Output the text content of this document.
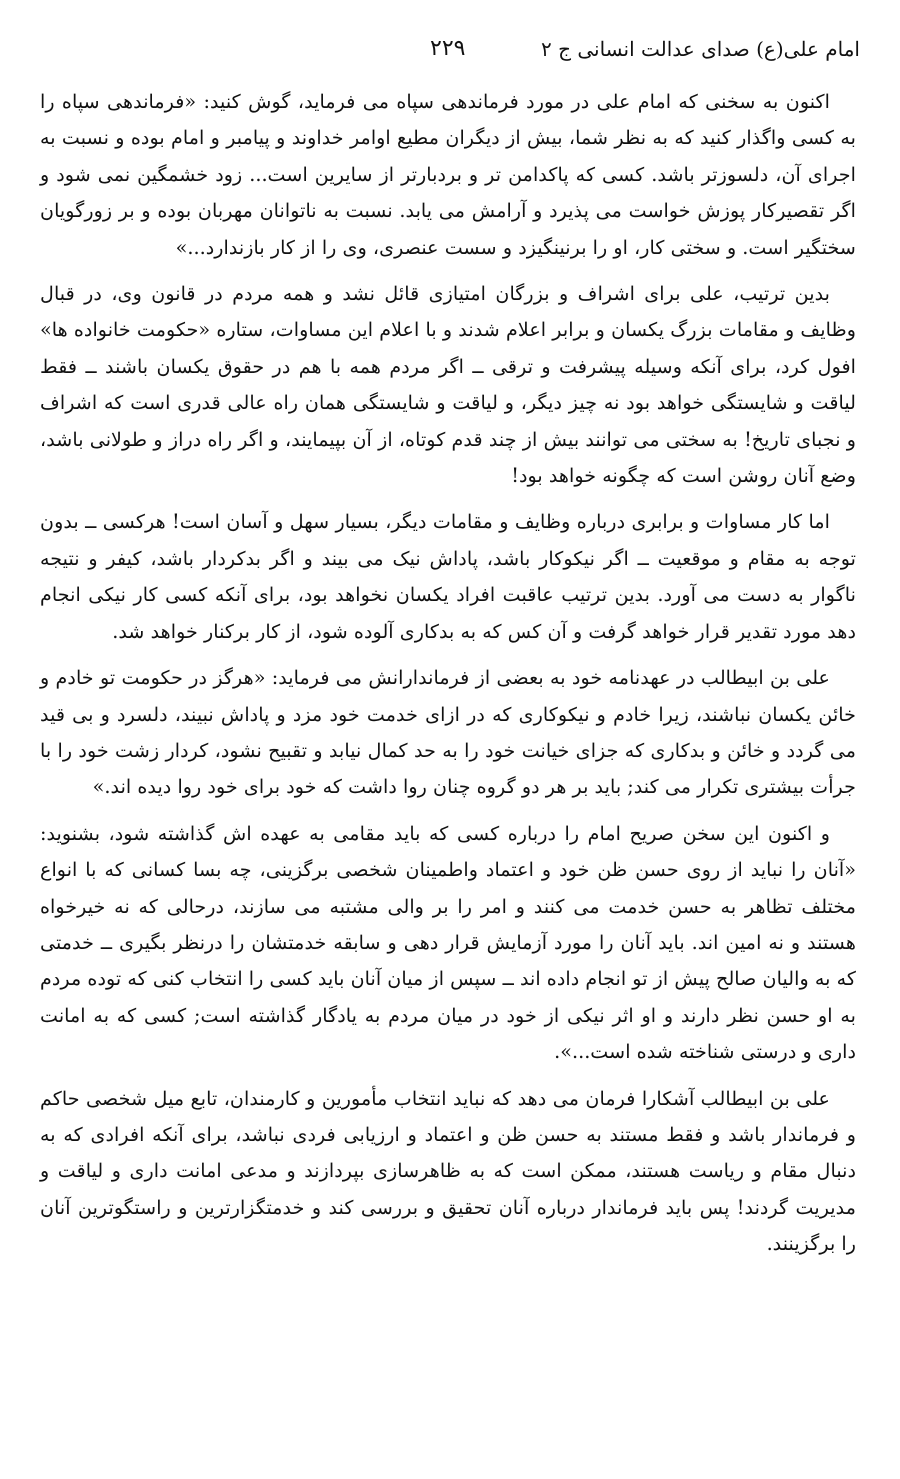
امام علی(ع) صدای عدالت انسانی ج ۲
۲۲۹

اکنون به سخنی که امام علی در مورد فرماندهی سپاه می فرماید، گوش کنید: «فرماندهی سپاه را به کسی واگذار کنید که به نظر شما، بیش از دیگران مطیع اوامر خداوند و پیامبر و امام بوده و نسبت به اجرای آن، دلسوزتر باشد. کسی که پاکدامن تر و بردبارتر از سایرین است... زود خشمگین نمی شود و اگر تقصیرکار پوزش خواست می پذیرد و آرامش می یابد. نسبت به ناتوانان مهربان بوده و بر زورگویان سختگیر است. و سختی کار، او را برنینگیزد و سست عنصری، وی را از کار بازندارد...»

بدین ترتیب، علی برای اشراف و بزرگان امتیازی قائل نشد و همه مردم در قانون وی، در قبال وظایف و مقامات بزرگ یکسان و برابر اعلام شدند و با اعلام این مساوات، ستاره «حکومت خانواده ها» افول کرد، برای آنکه وسیله پیشرفت و ترقی ــ اگر مردم همه با هم در حقوق یکسان باشند ــ فقط لیاقت و شایستگی خواهد بود نه چیز دیگر، و لیاقت و شایستگی همان راه عالی قدری است که اشراف و نجبای تاریخ! به سختی می توانند بیش از چند قدم کوتاه، از آن بپیمایند، و اگر راه دراز و طولانی باشد، وضع آنان روشن است که چگونه خواهد بود!

اما کار مساوات و برابری درباره وظایف و مقامات دیگر، بسیار سهل و آسان است! هرکسی ــ بدون توجه به مقام و موقعیت ــ اگر نیکوکار باشد، پاداش نیک می بیند و اگر بدکردار باشد، کیفر و نتیجه ناگوار به دست می آورد. بدین ترتیب عاقبت افراد یکسان نخواهد بود، برای آنکه کسی کار نیکی انجام دهد مورد تقدیر قرار خواهد گرفت و آن کس که به بدکاری آلوده شود، از کار برکنار خواهد شد.

علی بن ابیطالب در عهدنامه خود به بعضی از فرماندارانش می فرماید: «هرگز در حکومت تو خادم و خائن یکسان نباشند، زیرا خادم و نیکوکاری که در ازای خدمت خود مزد و پاداش نبیند، دلسرد و بی قید می گردد و خائن و بدکاری که جزای خیانت خود را به حد کمال نیابد و تقبیح نشود، کردار زشت خود را با جرأت بیشتری تکرار می کند; باید بر هر دو گروه چنان روا داشت که خود برای خود روا دیده اند.»

و اکنون این سخن صریح امام را درباره کسی که باید مقامی به عهده اش گذاشته شود، بشنوید: «آنان را نباید از روی حسن ظن خود و اعتماد واطمینان شخصی برگزینی، چه بسا کسانی که با انواع مختلف تظاهر به حسن خدمت می کنند و امر را بر والی مشتبه می سازند، درحالی که نه خیرخواه هستند و نه امین اند. باید آنان را مورد آزمایش قرار دهی و سابقه خدمتشان را درنظر بگیری ــ خدمتی که به والیان صالح پیش از تو انجام داده اند ــ سپس از میان آنان باید کسی را انتخاب کنی که توده مردم به او حسن نظر دارند و او اثر نیکی از خود در میان مردم به یادگار گذاشته است; کسی که به امانت داری و درستی شناخته شده است...».

علی بن ابیطالب آشکارا فرمان می دهد که نباید انتخاب مأمورین و کارمندان، تابع میل شخصی حاکم و فرماندار باشد و فقط مستند به حسن ظن و اعتماد و ارزیابی فردی نباشد، برای آنکه افرادی که به دنبال مقام و ریاست هستند، ممکن است که به ظاهرسازی بپردازند و مدعی امانت داری و لیاقت و مدیریت گردند! پس باید فرماندار درباره آنان تحقیق و بررسی کند و خدمتگزارترین و راستگوترین آنان را برگزینند.
